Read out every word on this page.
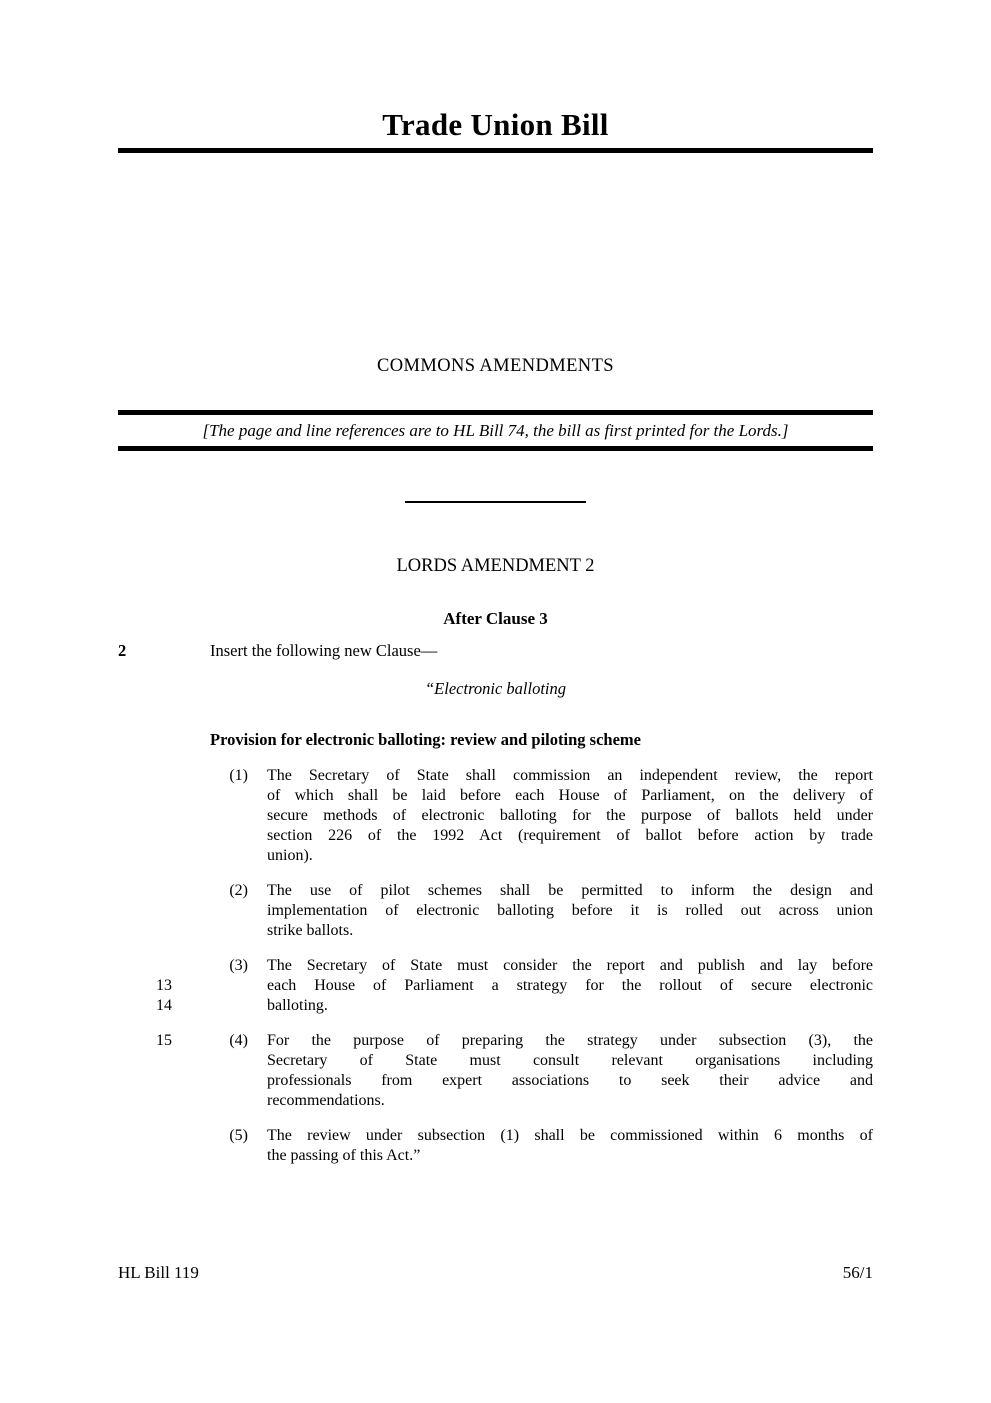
Trade Union Bill
COMMONS AMENDMENTS
[The page and line references are to HL Bill 74, the bill as first printed for the Lords.]
LORDS AMENDMENT 2
After Clause 3
2	Insert the following new Clause—
“Electronic balloting
Provision for electronic balloting: review and piloting scheme
(1) The Secretary of State shall commission an independent review, the report
of which shall be laid before each House of Parliament, on the delivery of
secure methods of electronic balloting for the purpose of ballots held under
section 226 of the 1992 Act (requirement of ballot before action by trade
union).
(2) The use of pilot schemes shall be permitted to inform the design and
implementation of electronic balloting before it is rolled out across union
strike ballots.
(3) The Secretary of State must consider the report and publish and lay before
each House of Parliament a strategy for the rollout of secure electronic
balloting.
(4) For the purpose of preparing the strategy under subsection (3), the
Secretary of State must consult relevant organisations including
professionals from expert associations to seek their advice and
recommendations.
(5) The review under subsection (1) shall be commissioned within 6 months of
the passing of this Act.”
HL Bill 119	56/1
13
14
15
